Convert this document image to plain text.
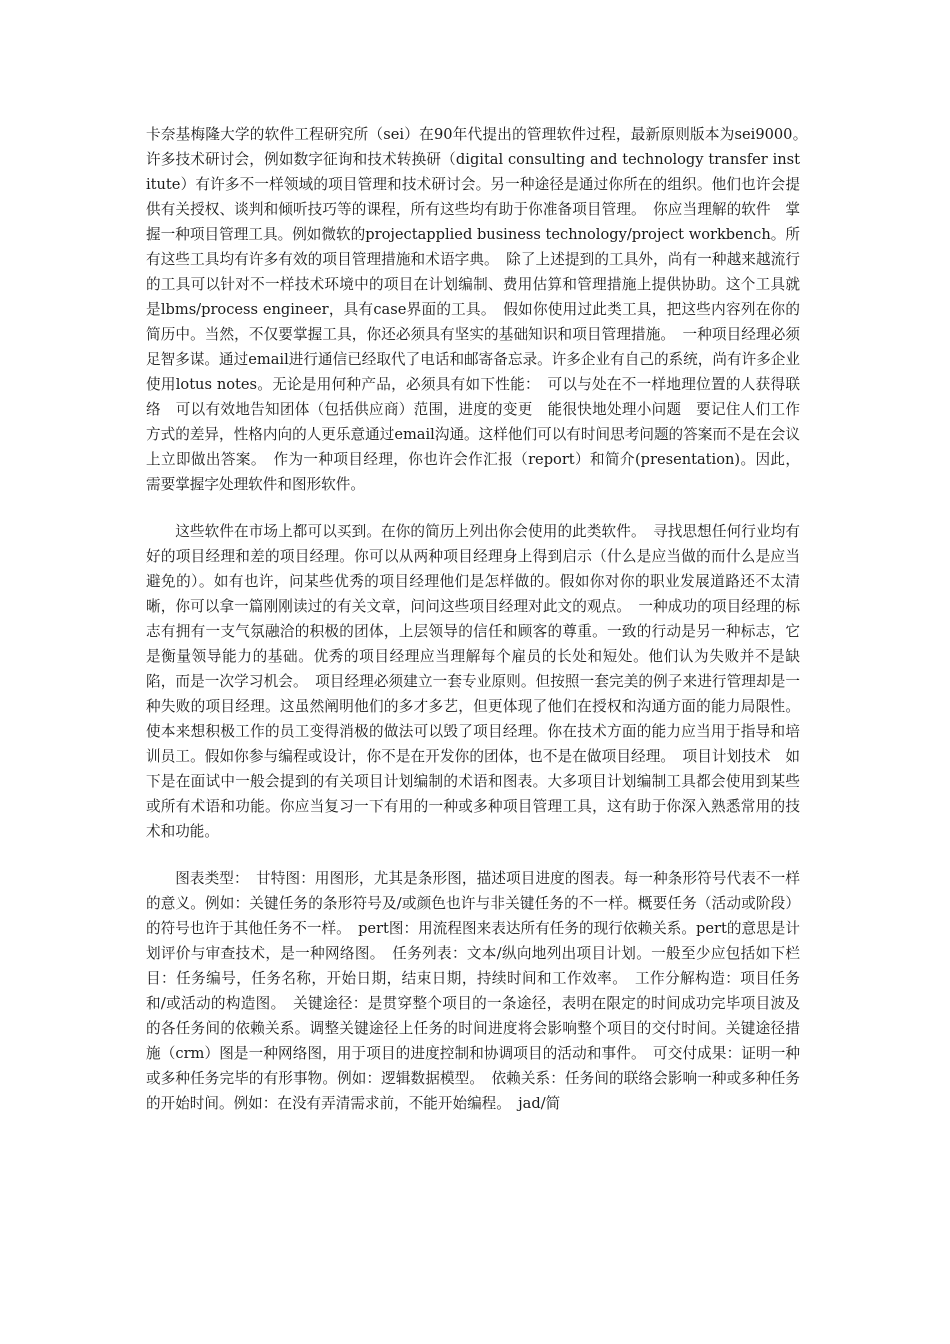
卡奈基梅隆大学的软件工程研究所（sei）在90年代提出的管理软件过程，最新原则版本为sei9000。　许多技术研讨会，例如数字征询和技术转换研（digital consulting and technology transfer institute）有许多不一样领域的项目管理和技术研讨会。另一种途径是通过你所在的组织。他们也许会提供有关授权、谈判和倾听技巧等的课程，所有这些均有助于你准备项目管理。　你应当理解的软件　掌握一种项目管理工具。例如微软的projectapplied business technology/project workbench。所有这些工具均有许多有效的项目管理措施和术语字典。　除了上述提到的工具外，尚有一种越来越流行的工具可以针对不一样技术环境中的项目在计划编制、费用估算和管理措施上提供协助。这个工具就是lbms/process engineer，具有case界面的工具。　假如你使用过此类工具，把这些内容列在你的简历中。当然，不仅要掌握工具，你还必须具有坚实的基础知识和项目管理措施。　一种项目经理必须足智多谋。通过email进行通信已经取代了电话和邮寄备忘录。许多企业有自己的系统，尚有许多企业使用lotus notes。无论是用何种产品，必须具有如下性能：　可以与处在不一样地理位置的人获得联络　可以有效地告知团体（包括供应商）范围，进度的变更　能很快地处理小问题　要记住人们工作方式的差异，性格内向的人更乐意通过email沟通。这样他们可以有时间思考问题的答案而不是在会议上立即做出答案。　作为一种项目经理，你也许会作汇报（report）和简介(presentation)。因此，需要掌握字处理软件和图形软件。

这些软件在市场上都可以买到。在你的简历上列出你会使用的此类软件。　寻找思想任何行业均有好的项目经理和差的项目经理。你可以从两种项目经理身上得到启示（什么是应当做的而什么是应当避免的）。如有也许，问某些优秀的项目经理他们是怎样做的。假如你对你的职业发展道路还不太清晰，你可以拿一篇刚刚读过的有关文章，问问这些项目经理对此文的观点。　一种成功的项目经理的标志有拥有一支气氛融洽的积极的团体，上层领导的信任和顾客的尊重。一致的行动是另一种标志，它是衡量领导能力的基础。优秀的项目经理应当理解每个雇员的长处和短处。他们认为失败并不是缺陷，而是一次学习机会。　项目经理必须建立一套专业原则。但按照一套完美的例子来进行管理却是一种失败的项目经理。这虽然阐明他们的多才多艺，但更体现了他们在授权和沟通方面的能力局限性。使本来想积极工作的员工变得消极的做法可以毁了项目经理。你在技术方面的能力应当用于指导和培训员工。假如你参与编程或设计，你不是在开发你的团体，也不是在做项目经理。　项目计划技术　如下是在面试中一般会提到的有关项目计划编制的术语和图表。大多项目计划编制工具都会使用到某些或所有术语和功能。你应当复习一下有用的一种或多种项目管理工具，这有助于你深入熟悉常用的技术和功能。

图表类型：　甘特图：用图形，尤其是条形图，描述项目进度的图表。每一种条形符号代表不一样的意义。例如：关键任务的条形符号及/或颜色也许与非关键任务的不一样。概要任务（活动或阶段）的符号也许于其他任务不一样。　pert图：用流程图来表达所有任务的现行依赖关系。pert的意思是计划评价与审查技术，是一种网络图。　任务列表：文本/纵向地列出项目计划。一般至少应包括如下栏目：任务编号，任务名称，开始日期，结束日期，持续时间和工作效率。　工作分解构造：项目任务和/或活动的构造图。　关键途径：是贯穿整个项目的一条途径，表明在限定的时间成功完毕项目波及的各任务间的依赖关系。调整关键途径上任务的时间进度将会影响整个项目的交付时间。关键途径措施（crm）图是一种网络图，用于项目的进度控制和协调项目的活动和事件。　可交付成果：证明一种或多种任务完毕的有形事物。例如：逻辑数据模型。　依赖关系：任务间的联络会影响一种或多种任务的开始时间。例如：在没有弄清需求前，不能开始编程。　jad/简
